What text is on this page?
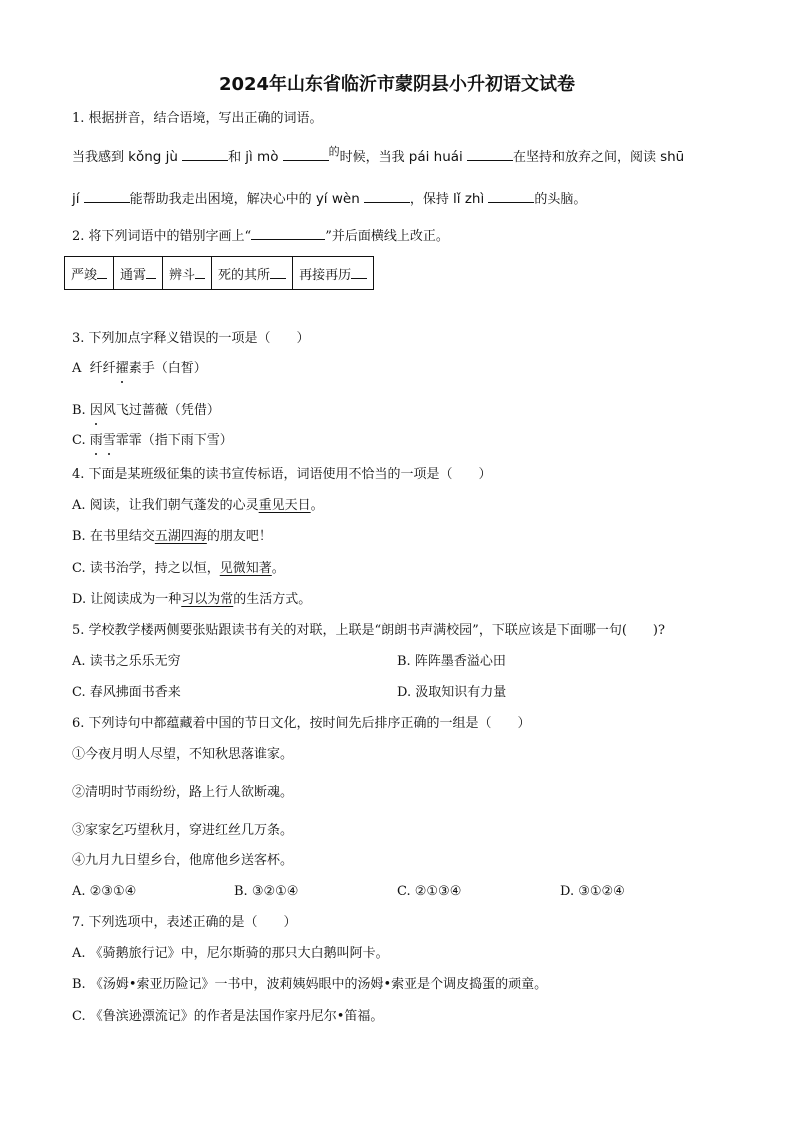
2024年山东省临沂市蒙阴县小升初语文试卷
1. 根据拼音，结合语境，写出正确的词语。
当我感到 kǒng jù	和 jì mò	$^的$时候，当我 pái huái	在坚持和放弃之间，阅读 shū
jí	能帮助我走出困境，解决心中的 yí wèn	，保持 lǐ zhì	的头脑。
2. 将下列词语中的错别字画上“	”并后面横线上改正。
严竣	通霄	辨斗	死的其所	再接再历
3. 下列加点字释义错误的一项是（　　）
A 纤纤擢素手（白皙）
B. 因风飞过蔷薇（凭借）
C. 雨雪霏霏（指下雨下雪）
4. 下面是某班级征集的读书宣传标语，词语使用不恰当的一项是（　　）
A. 阅读，让我们朝气蓬发的心灵重见天日。
B. 在书里结交五湖四海的朋友吧！
C. 读书治学，持之以恒，见微知著。
D. 让阅读成为一种习以为常的生活方式。
5. 学校教学楼两侧要张贴跟读书有关的对联，上联是“朗朗书声满校园”，下联应该是下面哪一句(　　)?
A. 读书之乐乐无穷	B. 阵阵墨香溢心田
C. 春风拂面书香来	D. 汲取知识有力量
6. 下列诗句中都蕴藏着中国的节日文化，按时间先后排序正确的一组是（　　）
①今夜月明人尽望，不知秋思落谁家。
②清明时节雨纷纷，路上行人欲断魂。
③家家乞巧望秋月，穿进红丝几万条。
④九月九日望乡台，他席他乡送客杯。
A. ②③①④	B. ③②①④	C. ②①③④	D. ③①②④
7. 下列选项中，表述正确的是（　　）
A. 《骑鹅旅行记》中，尼尔斯骑的那只大白鹅叫阿卡。
B. 《汤姆•索亚历险记》一书中，波莉姨妈眼中的汤姆•索亚是个调皮捣蛋的顽童。
C. 《鲁滨逊漂流记》的作者是法国作家丹尼尔•笛福。
